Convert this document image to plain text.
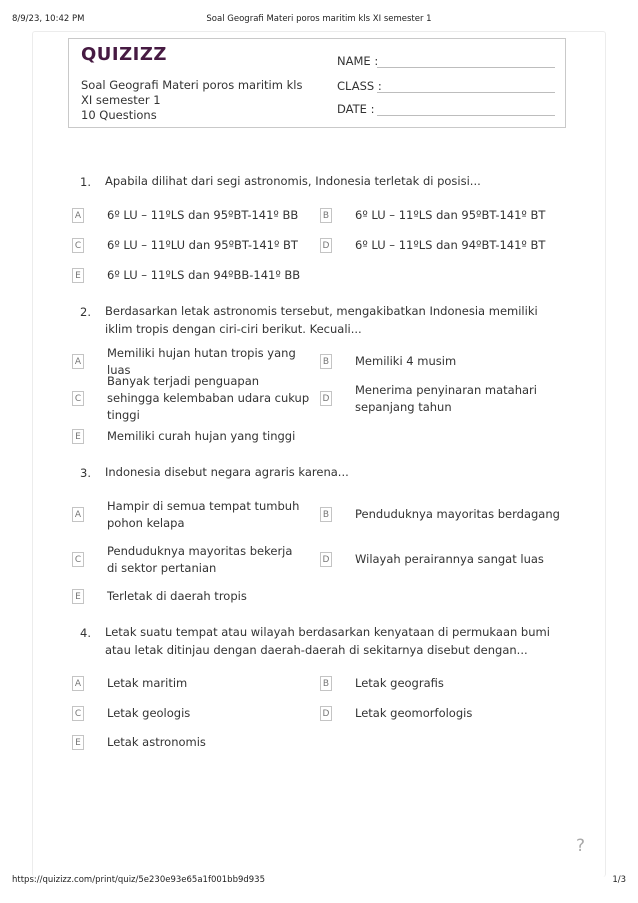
8/9/23, 10:42 PM	Soal Geografi Materi poros maritim kls XI semester 1
QUIZIZZ
Soal Geografi Materi poros maritim kls XI semester 1
10 Questions
NAME :
CLASS :
DATE :
1. Apabila dilihat dari segi astronomis, Indonesia terletak di posisi...
A 6º LU – 11ºLS dan 95ºBT-141º BB	B 6º LU – 11ºLS dan 95ºBT-141º BT
C 6º LU – 11ºLU dan 95ºBT-141º BT	D 6º LU – 11ºLS dan 94ºBT-141º BT
E 6º LU – 11ºLS dan 94ºBB-141º BB
2. Berdasarkan letak astronomis tersebut, mengakibatkan Indonesia memiliki iklim tropis dengan ciri-ciri berikut. Kecuali...
A
Memiliki hujan hutan tropis yang luas
B Memiliki 4 musim
C
Banyak terjadi penguapan sehingga kelembaban udara cukup tinggi
D
Menerima penyinaran matahari sepanjang tahun
E Memiliki curah hujan yang tinggi
3. Indonesia disebut negara agraris karena...
A
Hampir di semua tempat tumbuh pohon kelapa
B Penduduknya mayoritas berdagang
C
Penduduknya mayoritas bekerja di sektor pertanian
D Wilayah perairannya sangat luas
E Terletak di daerah tropis
4. Letak suatu tempat atau wilayah berdasarkan kenyataan di permukaan bumi atau letak ditinjau dengan daerah-daerah di sekitarnya disebut dengan...
A Letak maritim	B Letak geografis
C Letak geologis	D Letak geomorfologis
E Letak astronomis
?
https://quizizz.com/print/quiz/5e230e93e65a1f001bb9d935	1/3
